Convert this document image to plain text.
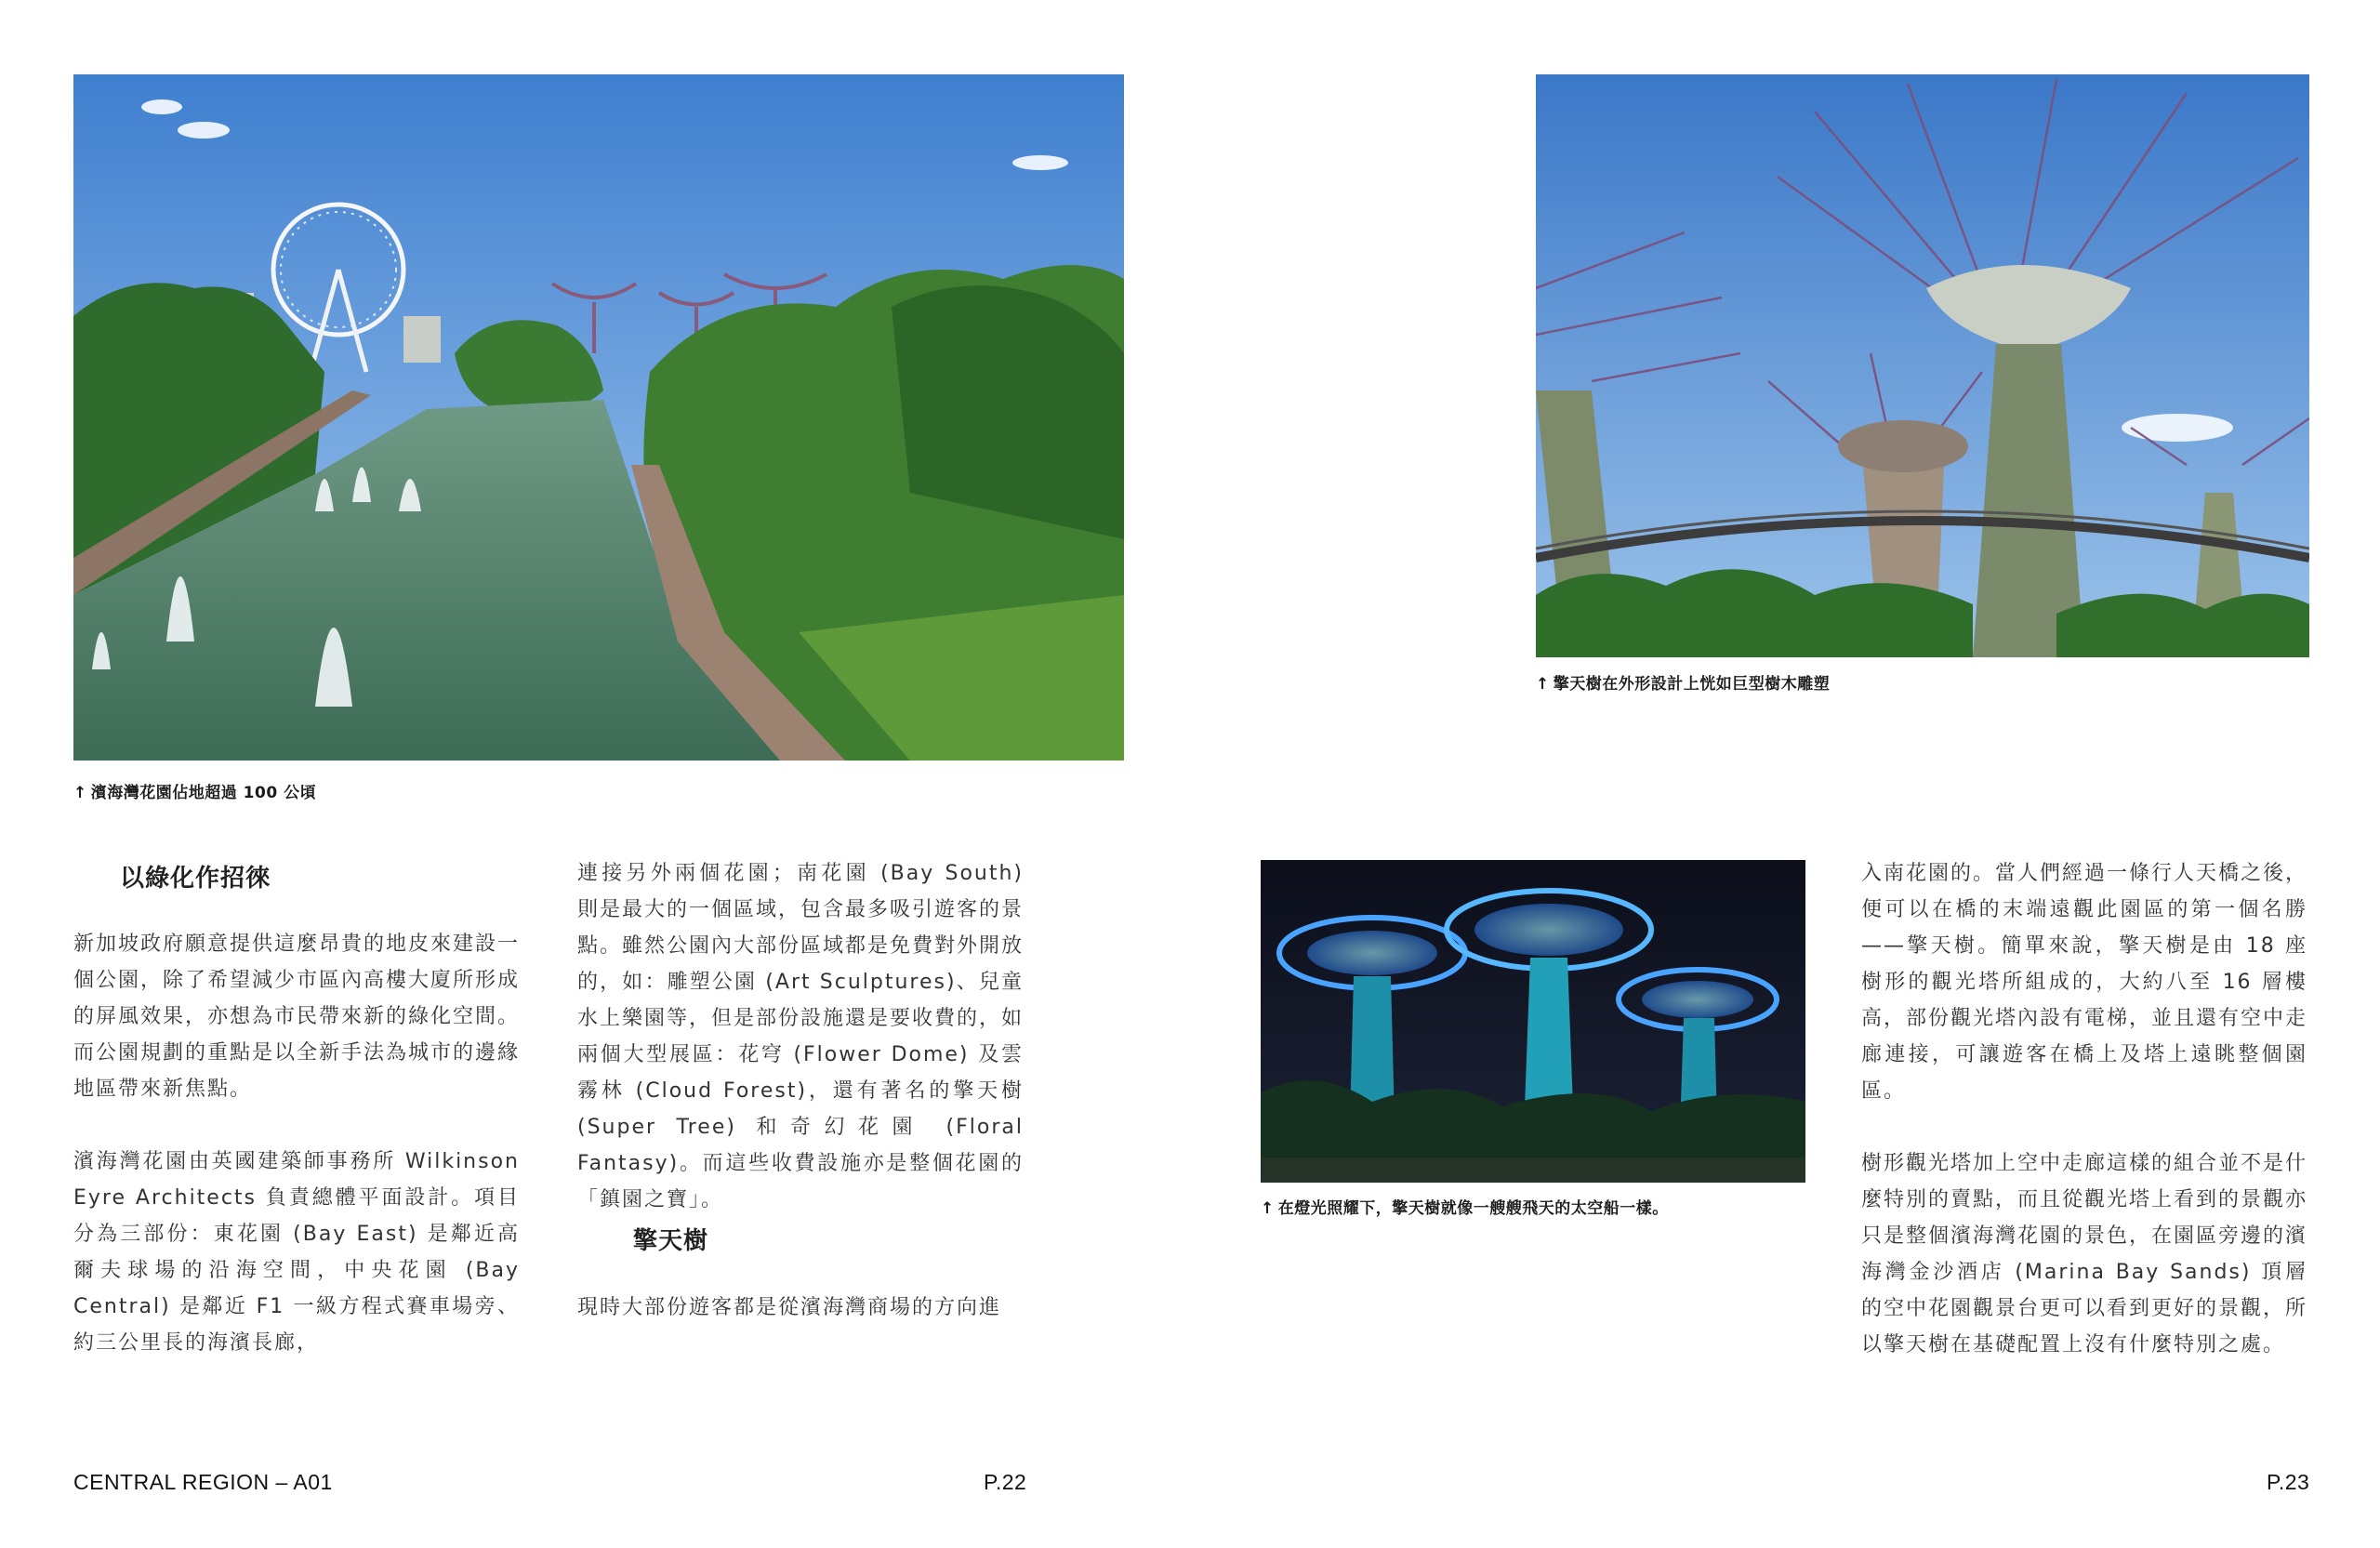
↑ 濱海灣花園佔地超過 100 公頃
以綠化作招徠

新加坡政府願意提供這麼昂貴的地皮來建設一個公園，除了希望減少市區內高樓大廈所形成的屏風效果，亦想為市民帶來新的綠化空間。而公園規劃的重點是以全新手法為城市的邊緣地區帶來新焦點。

濱海灣花園由英國建築師事務所 Wilkinson Eyre Architects 負責總體平面設計。項目分為三部份：東花園 (Bay East) 是鄰近高爾夫球場的沿海空間，中央花園 (Bay Central) 是鄰近 F1 一級方程式賽車場旁、約三公里長的海濱長廊，

連接另外兩個花園；南花園 (Bay South) 則是最大的一個區域，包含最多吸引遊客的景點。雖然公園內大部份區域都是免費對外開放的，如：雕塑公園 (Art Sculptures)、兒童水上樂園等，但是部份設施還是要收費的，如兩個大型展區：花穹 (Flower Dome) 及雲霧林 (Cloud Forest)，還有著名的擎天樹 (Super Tree) 和奇幻花園 (Floral Fantasy)。而這些收費設施亦是整個花園的「鎮園之寶」。

擎天樹

現時大部份遊客都是從濱海灣商場的方向進

↑ 擎天樹在外形設計上恍如巨型樹木雕塑
↑ 在燈光照耀下，擎天樹就像一艘艘飛天的太空船一樣。

入南花園的。當人們經過一條行人天橋之後，便可以在橋的末端遠觀此園區的第一個名勝——擎天樹。簡單來說，擎天樹是由 18 座樹形的觀光塔所組成的，大約八至 16 層樓高，部份觀光塔內設有電梯，並且還有空中走廊連接，可讓遊客在橋上及塔上遠眺整個園區。

樹形觀光塔加上空中走廊這樣的組合並不是什麼特別的賣點，而且從觀光塔上看到的景觀亦只是整個濱海灣花園的景色，在園區旁邊的濱海灣金沙酒店 (Marina Bay Sands) 頂層的空中花園觀景台更可以看到更好的景觀，所以擎天樹在基礎配置上沒有什麼特別之處。

CENTRAL REGION – A01	P.22	P.23
